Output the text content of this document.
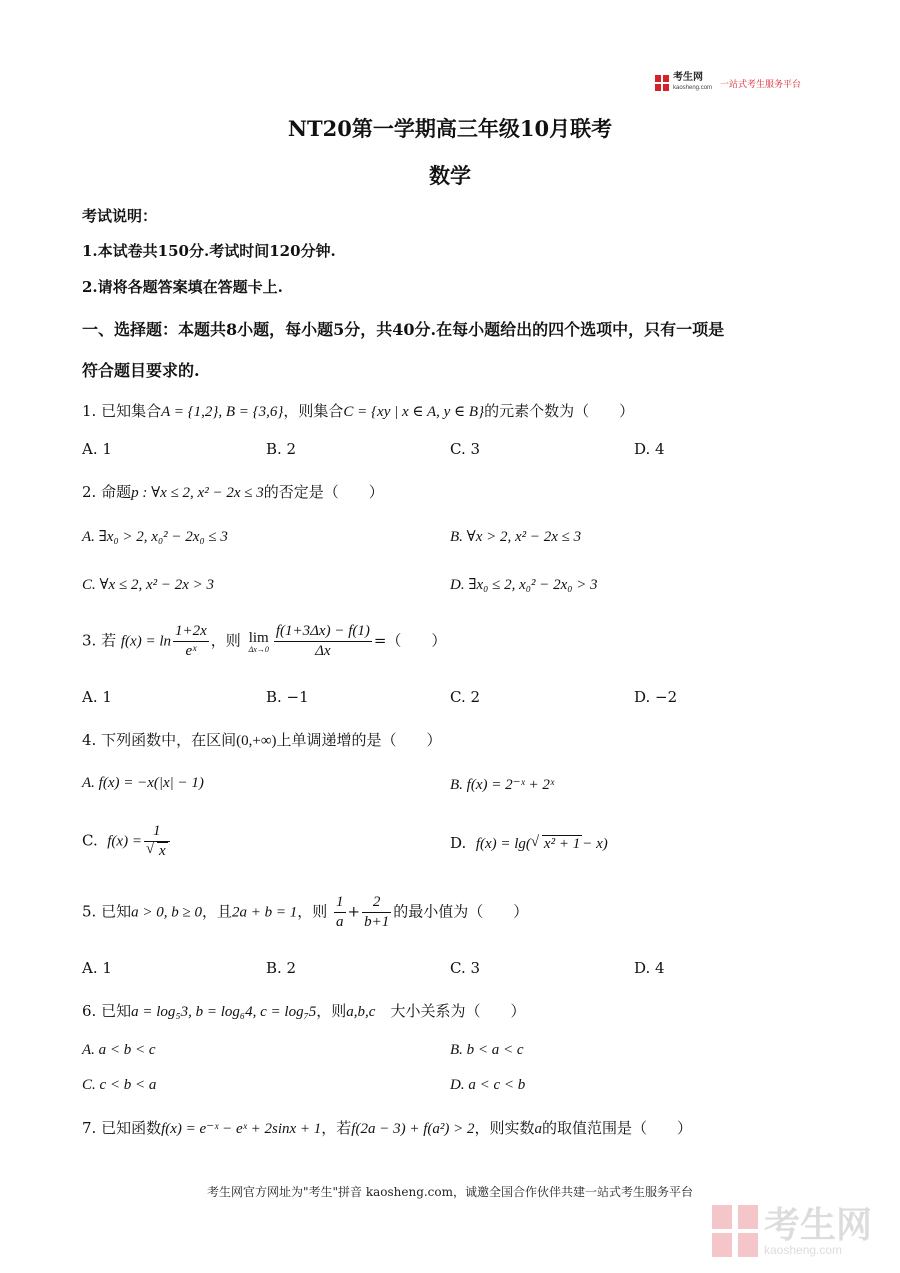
考生网
kaosheng.com 一站式考生服务平台
NT20第一学期高三年级10月联考
数学
考试说明：
1.本试卷共150分.考试时间120分钟.
2.请将各题答案填在答题卡上.
一、选择题：本题共8小题，每小题5分，共40分.在每小题给出的四个选项中，只有一项是
符合题目要求的.
1. 已知集合A = {1,2}, B = {3,6}，则集合C = {xy | x ∈ A, y ∈ B}的元素个数为（　　）
A. 1	B. 2	C. 3	D. 4
2. 命题p : ∀x ≤ 2, x² − 2x ≤ 3的否定是（　　）
A. ∃x₀ > 2, x₀² − 2x₀ ≤ 3	B. ∀x > 2, x² − 2x ≤ 3
C. ∀x ≤ 2, x² − 2x > 3	D. ∃x₀ ≤ 2, x₀² − 2x₀ > 3
3. 若 $f(x) = \ln \frac{1+2x}{\text{eˣ}}$ ，则 lim
$\Delta x\to 0 \frac{f(1+3\Delta x) - f(1)}{\Delta x}$ =（　　）
A. 1	B. −1	C. 2	D. −2
4. 下列函数中，在区间(0,+∞)上单调递增的是（　　）
A. f(x) = −x(|x| − 1)	B. f(x) = 2⁻ˣ + 2ˣ
C. f(x) = 1
√ x	D. f(x) = lg( √ x² + 1 − x)
5. 已知a > 0, b ≥ 0，且2a + b = 1，则 $\frac{1}{a} + \frac{2}{b+1}$ 的最小值为（　　）
A. 1	B. 2	C. 3	D. 4
6. 已知a = log₅3, b = log₆4, c = log₇5，则a,b,c　大小关系为（　　）
A. a < b < c	B. b < a < c
C. c < b < a	D. a < c < b
7. 已知函数f(x) = e⁻ˣ − eˣ + 2sinx + 1，若f(2a − 3) + f(a²) > 2，则实数a的取值范围是（　　）
考生网官方网址为"考生"拼音 kaosheng.com，诚邀全国合作伙伴共建一站式考生服务平台
考生网
kaosheng.com
